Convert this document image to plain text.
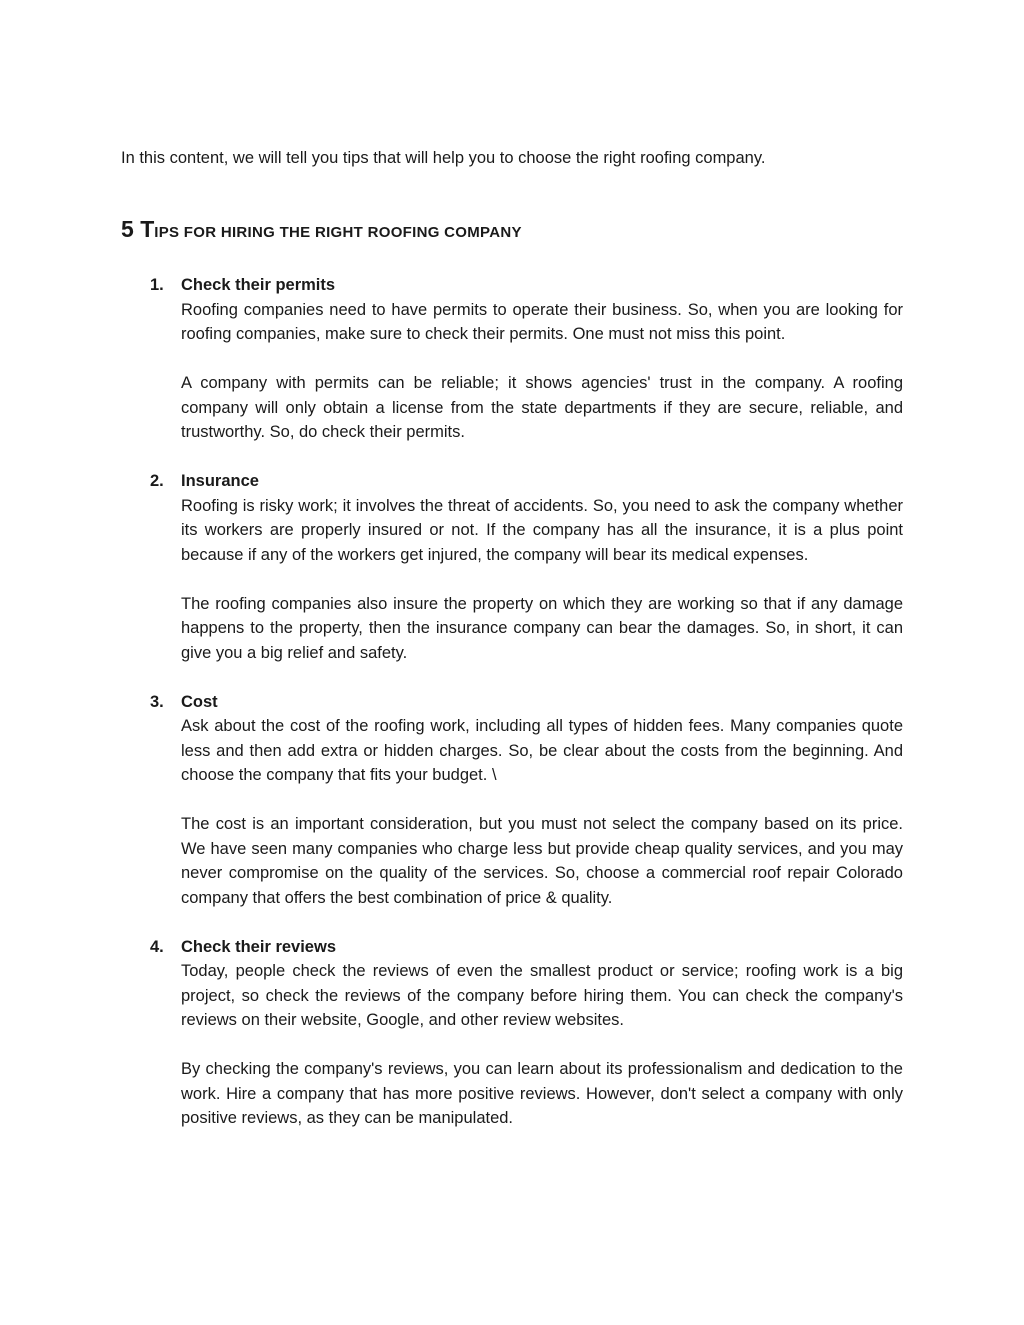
In this content, we will tell you tips that will help you to choose the right roofing company.

5 TIPS FOR HIRING THE RIGHT ROOFING COMPANY
1.	Check their permits

Roofing companies need to have permits to operate their business. So, when you are looking for roofing companies, make sure to check their permits. One must not miss this point.

A company with permits can be reliable; it shows agencies' trust in the company. A roofing company will only obtain a license from the state departments if they are secure, reliable, and trustworthy. So, do check their permits.

2.	Insurance

Roofing is risky work; it involves the threat of accidents. So, you need to ask the company whether its workers are properly insured or not. If the company has all the insurance, it is a plus point because if any of the workers get injured, the company will bear its medical expenses.

The roofing companies also insure the property on which they are working so that if any damage happens to the property, then the insurance company can bear the damages. So, in short, it can give you a big relief and safety.

3.	Cost

Ask about the cost of the roofing work, including all types of hidden fees. Many companies quote less and then add extra or hidden charges. So, be clear about the costs from the beginning. And choose the company that fits your budget. \

The cost is an important consideration, but you must not select the company based on its price. We have seen many companies who charge less but provide cheap quality services, and you may never compromise on the quality of the services. So, choose a commercial roof repair Colorado company that offers the best combination of price & quality.

4.	Check their reviews

Today, people check the reviews of even the smallest product or service; roofing work is a big project, so check the reviews of the company before hiring them. You can check the company's reviews on their website, Google, and other review websites.

By checking the company's reviews, you can learn about its professionalism and dedication to the work. Hire a company that has more positive reviews. However, don't select a company with only positive reviews, as they can be manipulated.
